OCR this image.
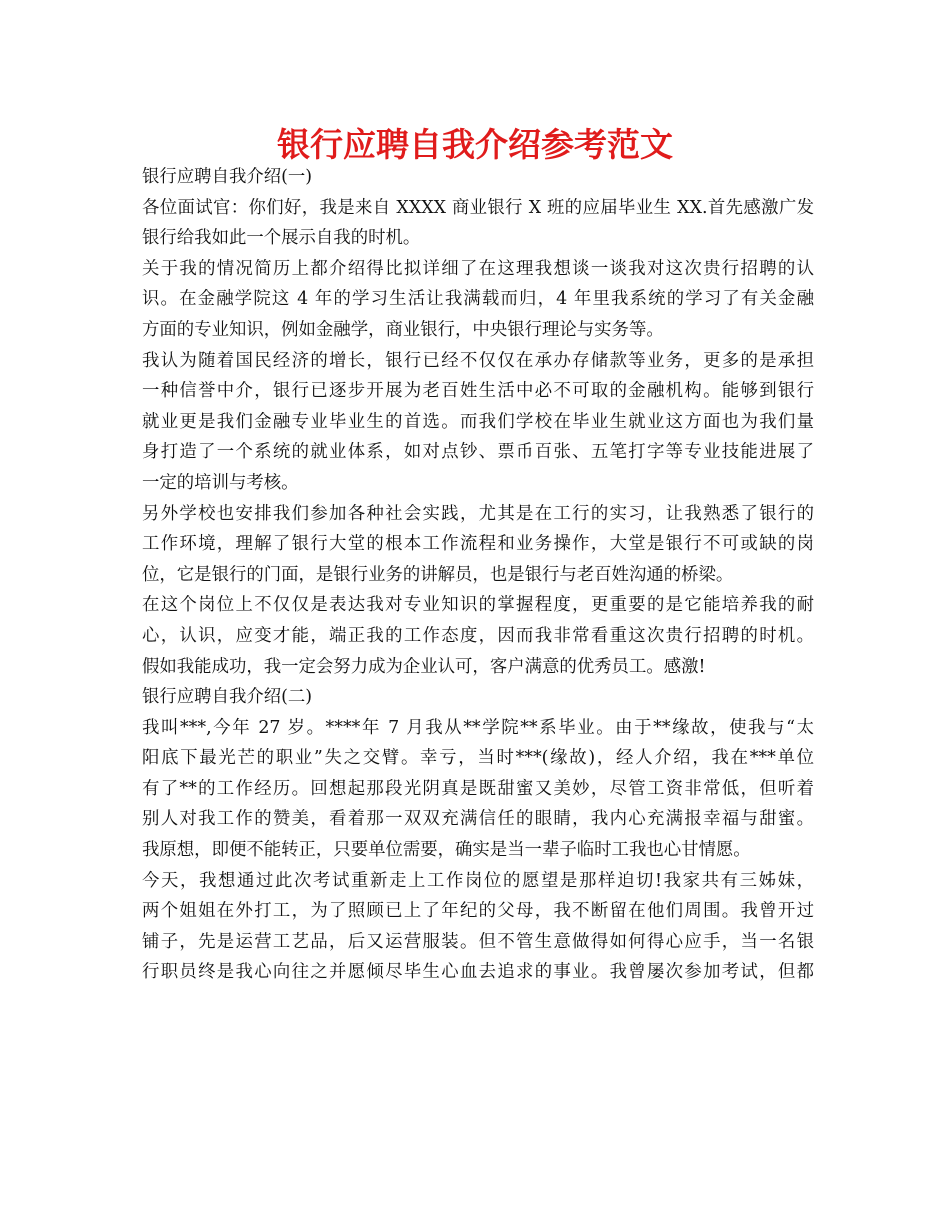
银行应聘自我介绍参考范文
银行应聘自我介绍(一)
各位面试官：你们好，我是来自 XXXX 商业银行 X 班的应届毕业生 XX.首先感激广发
银行给我如此一个展示自我的时机。
关于我的情况简历上都介绍得比拟详细了在这理我想谈一谈我对这次贵行招聘的认
识。在金融学院这 4 年的学习生活让我满载而归，4 年里我系统的学习了有关金融
方面的专业知识，例如金融学，商业银行，中央银行理论与实务等。
我认为随着国民经济的增长，银行已经不仅仅在承办存储款等业务，更多的是承担
一种信誉中介，银行已逐步开展为老百姓生活中必不可取的金融机构。能够到银行
就业更是我们金融专业毕业生的首选。而我们学校在毕业生就业这方面也为我们量
身打造了一个系统的就业体系，如对点钞、票币百张、五笔打字等专业技能进展了
一定的培训与考核。
另外学校也安排我们参加各种社会实践，尤其是在工行的实习，让我熟悉了银行的
工作环境，理解了银行大堂的根本工作流程和业务操作，大堂是银行不可或缺的岗
位，它是银行的门面，是银行业务的讲解员，也是银行与老百姓沟通的桥梁。
在这个岗位上不仅仅是表达我对专业知识的掌握程度，更重要的是它能培养我的耐
心，认识，应变才能，端正我的工作态度，因而我非常看重这次贵行招聘的时机。
假如我能成功，我一定会努力成为企业认可，客户满意的优秀员工。感激!
银行应聘自我介绍(二)
我叫***,今年 27 岁。****年 7 月我从**学院**系毕业。由于**缘故，使我与“太
阳底下最光芒的职业”失之交臂。幸亏，当时***(缘故)，经人介绍，我在***单位
有了**的工作经历。回想起那段光阴真是既甜蜜又美妙，尽管工资非常低，但听着
别人对我工作的赞美，看着那一双双充满信任的眼睛，我内心充满报幸福与甜蜜。
我原想，即便不能转正，只要单位需要，确实是当一辈子临时工我也心甘情愿。
今天，我想通过此次考试重新走上工作岗位的愿望是那样迫切!我家共有三姊妹，
两个姐姐在外打工，为了照顾已上了年纪的父母，我不断留在他们周围。我曾开过
铺子，先是运营工艺品，后又运营服装。但不管生意做得如何得心应手，当一名银
行职员终是我心向往之并愿倾尽毕生心血去追求的事业。我曾屡次参加考试，但都
